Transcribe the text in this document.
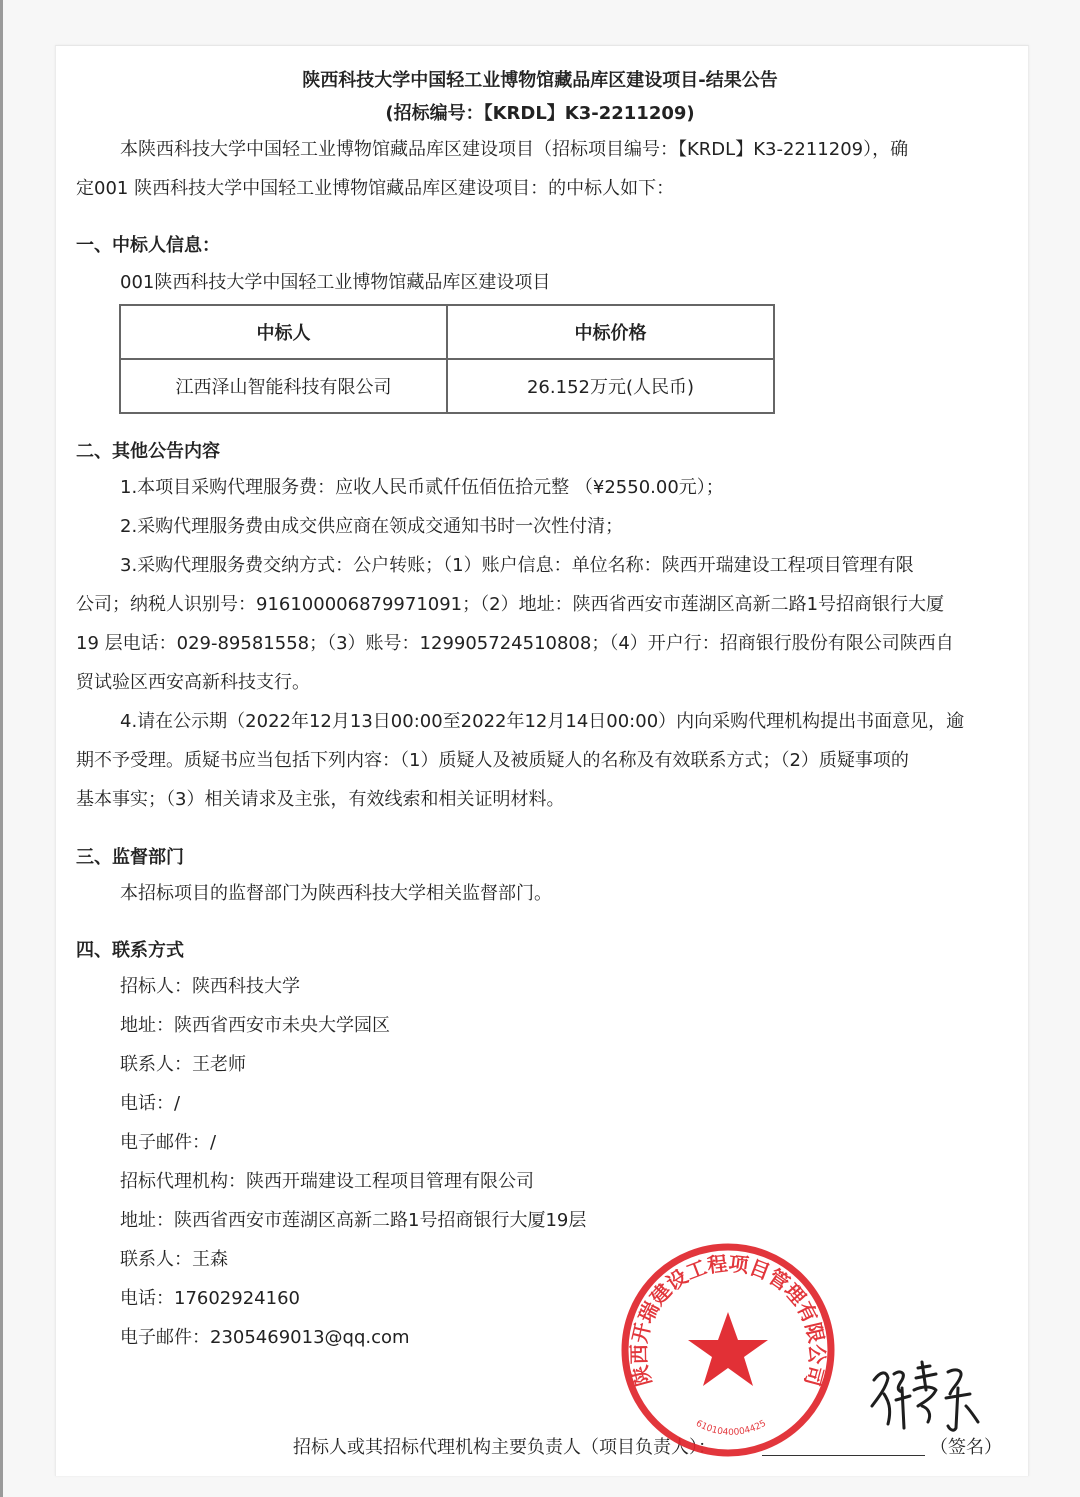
陕西科技大学中国轻工业博物馆藏品库区建设项目-结果公告
(招标编号：【KRDL】K3-2211209)
本陕西科技大学中国轻工业博物馆藏品库区建设项目（招标项目编号：【KRDL】K3-2211209），确
定001 陕西科技大学中国轻工业博物馆藏品库区建设项目：的中标人如下：
一、中标人信息：
001陕西科技大学中国轻工业博物馆藏品库区建设项目
中标人	中标价格
江西泽山智能科技有限公司	26.152万元(人民币)
二、其他公告内容
1.本项目采购代理服务费：应收人民币贰仟伍佰伍拾元整 （¥2550.00元）；
2.采购代理服务费由成交供应商在领成交通知书时一次性付清；
3.采购代理服务费交纳方式：公户转账；（1）账户信息：单位名称：陕西开瑞建设工程项目管理有限
公司；纳税人识别号：916100006879971091；（2）地址：陕西省西安市莲湖区高新二路1号招商银行大厦
19 层电话：029-89581558；（3）账号：129905724510808；（4）开户行：招商银行股份有限公司陕西自
贸试验区西安高新科技支行。
4.请在公示期（2022年12月13日00:00至2022年12月14日00:00）内向采购代理机构提出书面意见，逾
期不予受理。质疑书应当包括下列内容：（1）质疑人及被质疑人的名称及有效联系方式；（2）质疑事项的
基本事实；（3）相关请求及主张，有效线索和相关证明材料。
三、监督部门
本招标项目的监督部门为陕西科技大学相关监督部门。
四、联系方式
招标人：陕西科技大学
地址：陕西省西安市未央大学园区
联系人：王老师
电话：/
电子邮件：/
招标代理机构：陕西开瑞建设工程项目管理有限公司
地址：陕西省西安市莲湖区高新二路1号招商银行大厦19层
联系人：王森
电话：17602924160
电子邮件：2305469013@qq.com
招标人或其招标代理机构主要负责人（项目负责人）：	（签名）
陕西开瑞建设工程项目管理有限公司
6101040004425
